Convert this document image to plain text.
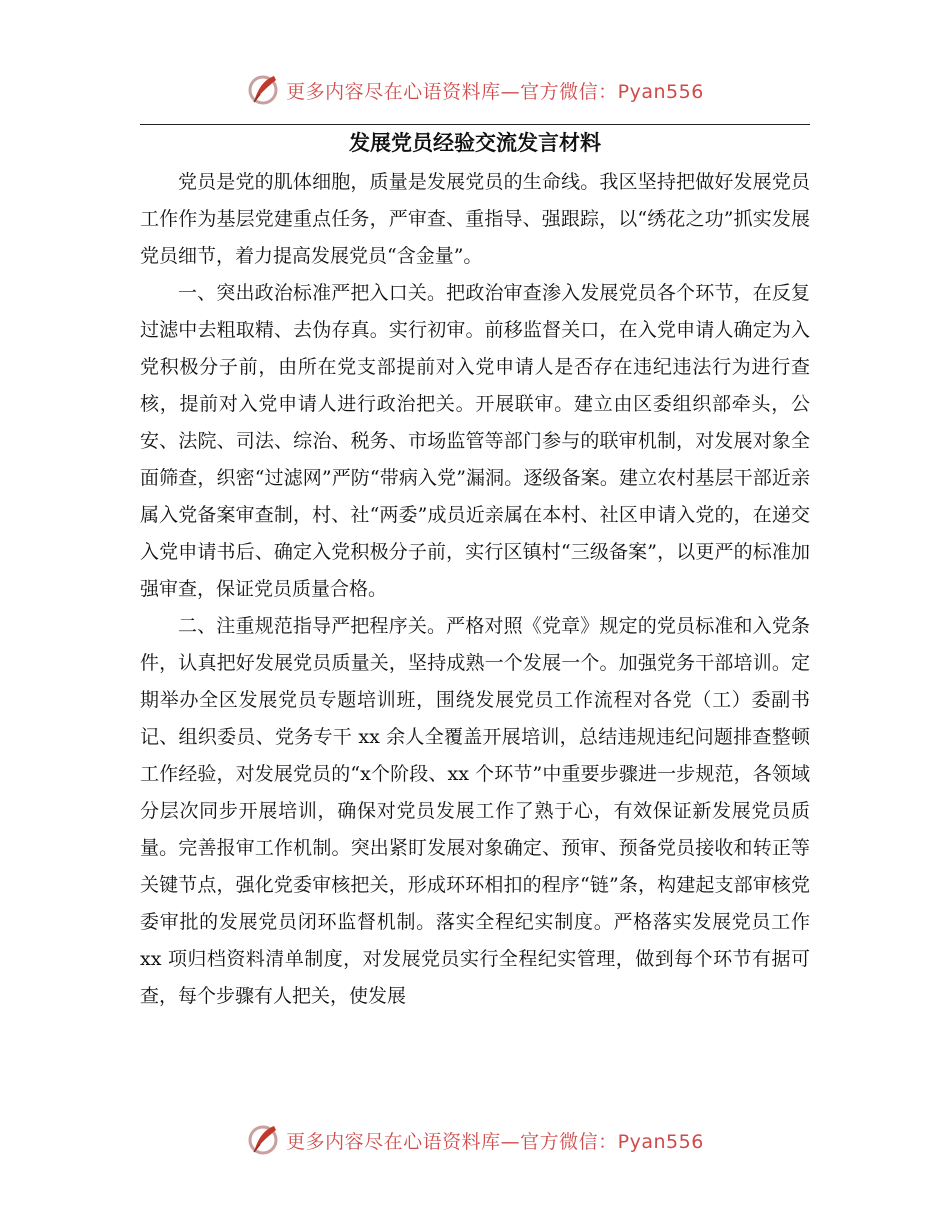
更多内容尽在心语资料库—官方微信：Pyan556
发展党员经验交流发言材料

党员是党的肌体细胞，质量是发展党员的生命线。我区坚持把做好发展党员工作作为基层党建重点任务，严审查、重指导、强跟踪，以“绣花之功”抓实发展党员细节，着力提高发展党员“含金量”。

一、突出政治标准严把入口关。把政治审查渗入发展党员各个环节，在反复过滤中去粗取精、去伪存真。实行初审。前移监督关口，在入党申请人确定为入党积极分子前，由所在党支部提前对入党申请人是否存在违纪违法行为进行查核，提前对入党申请人进行政治把关。开展联审。建立由区委组织部牵头，公安、法院、司法、综治、税务、市场监管等部门参与的联审机制，对发展对象全面筛查，织密“过滤网”严防“带病入党”漏洞。逐级备案。建立农村基层干部近亲属入党备案审查制，村、社“两委”成员近亲属在本村、社区申请入党的，在递交入党申请书后、确定入党积极分子前，实行区镇村“三级备案”，以更严的标准加强审查，保证党员质量合格。

二、注重规范指导严把程序关。严格对照《党章》规定的党员标准和入党条件，认真把好发展党员质量关，坚持成熟一个发展一个。加强党务干部培训。定期举办全区发展党员专题培训班，围绕发展党员工作流程对各党（工）委副书记、组织委员、党务专干 xx 余人全覆盖开展培训，总结违规违纪问题排查整顿工作经验，对发展党员的“x个阶段、xx 个环节”中重要步骤进一步规范，各领域分层次同步开展培训，确保对党员发展工作了熟于心，有效保证新发展党员质量。完善报审工作机制。突出紧盯发展对象确定、预审、预备党员接收和转正等关键节点，强化党委审核把关，形成环环相扣的程序“链”条，构建起支部审核党委审批的发展党员闭环监督机制。落实全程纪实制度。严格落实发展党员工作 xx 项归档资料清单制度，对发展党员实行全程纪实管理，做到每个环节有据可查，每个步骤有人把关，使发展

更多内容尽在心语资料库—官方微信：Pyan556
